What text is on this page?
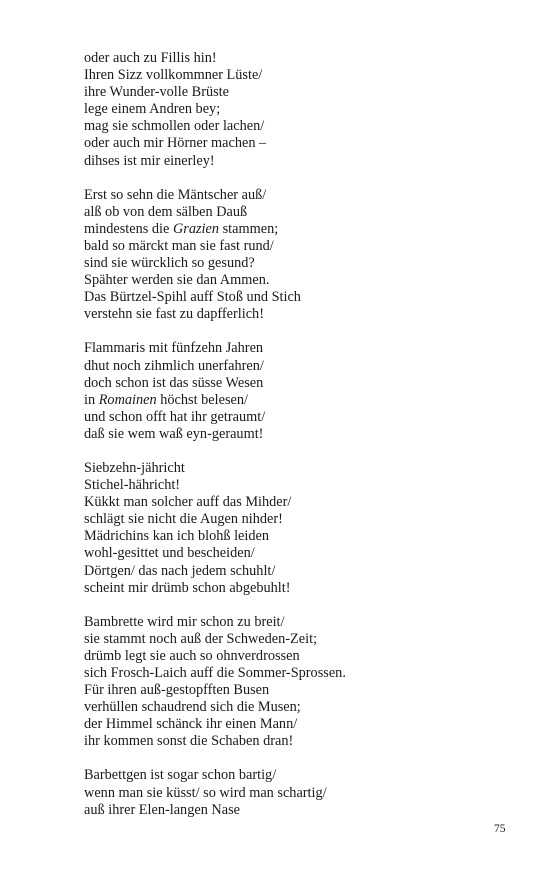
oder auch zu Fillis hin!
Ihren Sizz vollkommner Lüste/
ihre Wunder-volle Brüste
lege einem Andren bey;
mag sie schmollen oder lachen/
oder auch mir Hörner machen –
dihses ist mir einerley!
Erst so sehn die Mäntscher auß/
alß ob von dem sälben Dauß
mindestens die Grazien stammen;
bald so märckt man sie fast rund/
sind sie würcklich so gesund?
Spähter werden sie dan Ammen.
Das Bürtzel-Spihl auff Stoß und Stich
verstehn sie fast zu dapfferlich!
Flammaris mit fünfzehn Jahren
dhut noch zihmlich unerfahren/
doch schon ist das süsse Wesen
in Romainen höchst belesen/
und schon offt hat ihr getraumt/
daß sie wem waß eyn-geraumt!
Siebzehn-jähricht
Stichel-hähricht!
Kükkt man solcher auff das Mihder/
schlägt sie nicht die Augen nihder!
Mädrichins kan ich blohß leiden
wohl-gesittet und bescheiden/
Dörtgen/ das nach jedem schuhlt/
scheint mir drümb schon abgebuhlt!
Bambrette wird mir schon zu breit/
sie stammt noch auß der Schweden-Zeit;
drümb legt sie auch so ohnverdrossen
sich Frosch-Laich auff die Sommer-Sprossen.
Für ihren auß-gestopfften Busen
verhüllen schaudrend sich die Musen;
der Himmel schänck ihr einen Mann/
ihr kommen sonst die Schaben dran!
Barbettgen ist sogar schon bartig/
wenn man sie küsst/ so wird man schartig/
auß ihrer Elen-langen Nase
75
